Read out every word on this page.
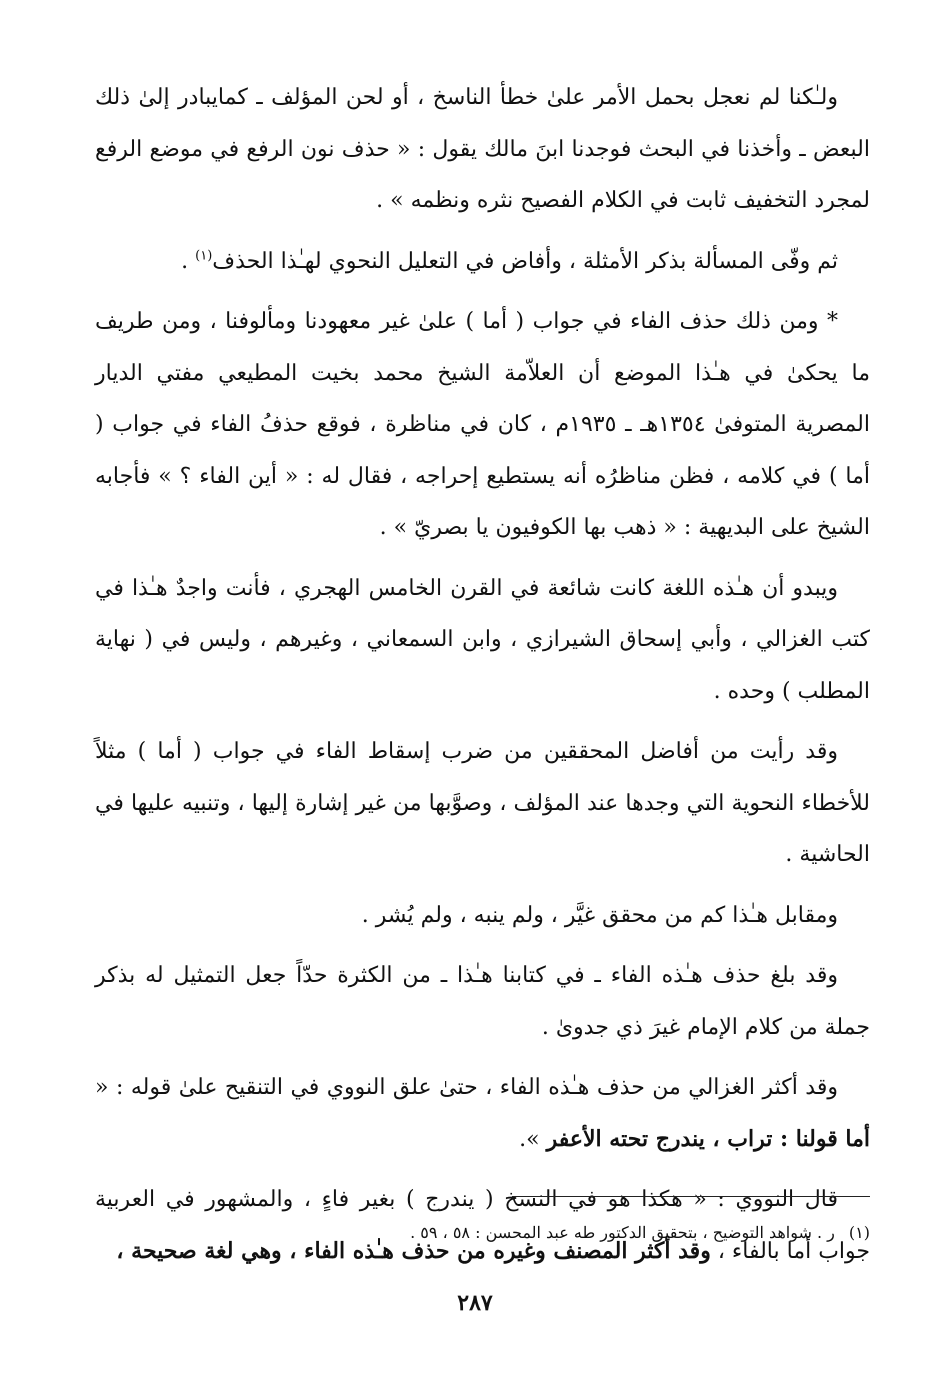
ولـٰكنا لم نعجل بحمل الأمر علىٰ خطأ الناسخ ، أو لحن المؤلف ـ كمايبادر إلىٰ ذلك البعض ـ وأخذنا في البحث فوجدنا ابنَ مالك يقول : « حذف نون الرفع في موضع الرفع لمجرد التخفيف ثابت في الكلام الفصيح نثره ونظمه » .

ثم وفّى المسألة بذكر الأمثلة ، وأفاض في التعليل النحوي لهـٰذا الحذف$^{(١)}$ .

* ومن ذلك حذف الفاء في جواب ( أما ) علىٰ غير معهودنا ومألوفنا ، ومن طريف ما يحكىٰ في هـٰذا الموضع أن العلاّمة الشيخ محمد بخيت المطيعي مفتي الديار المصرية المتوفىٰ ١٣٥٤هـ ـ ١٩٣٥م ، كان في مناظرة ، فوقع حذفُ الفاء في جواب ( أما ) في كلامه ، فظن مناظرُه أنه يستطيع إحراجه ، فقال له : « أين الفاء ؟ » فأجابه الشيخ على البديهية : « ذهب بها الكوفيون يا بصريّ » .

ويبدو أن هـٰذه اللغة كانت شائعة في القرن الخامس الهجري ، فأنت واجدٌ هـٰذا في كتب الغزالي ، وأبي إسحاق الشيرازي ، وابن السمعاني ، وغيرهم ، وليس في ( نهاية المطلب ) وحده .

وقد رأيت من أفاضل المحققين من ضرب إسقاط الفاء في جواب ( أما ) مثلاً للأخطاء النحوية التي وجدها عند المؤلف ، وصوَّبها من غير إشارة إليها ، وتنبيه عليها في الحاشية .

ومقابل هـٰذا كم من محقق غيَّر ، ولم ينبه ، ولم يُشر .

وقد بلغ حذف هـٰذه الفاء ـ في كتابنا هـٰذا ـ من الكثرة حدّاً جعل التمثيل له بذكر جملة من كلام الإمام غيرَ ذي جدوىٰ .

وقد أكثر الغزالي من حذف هـٰذه الفاء ، حتىٰ علق النووي في التنقيح علىٰ قوله : « أما قولنا : تراب ، يندرج تحته الأعفر ».

قال النووي : « هكذا هو في النسخ ( يندرج ) بغير فاءٍ ، والمشهور في العربية جواب أما بالفاء ، وقد أكثر المصنف وغيره من حذف هـٰذه الفاء ، وهي لغة صحيحة ،

(١)ر . شواهد التوضيح ، بتحقيق الدكتور طه عبد المحسن : ٥٨ ، ٥٩ .
٢٨٧
